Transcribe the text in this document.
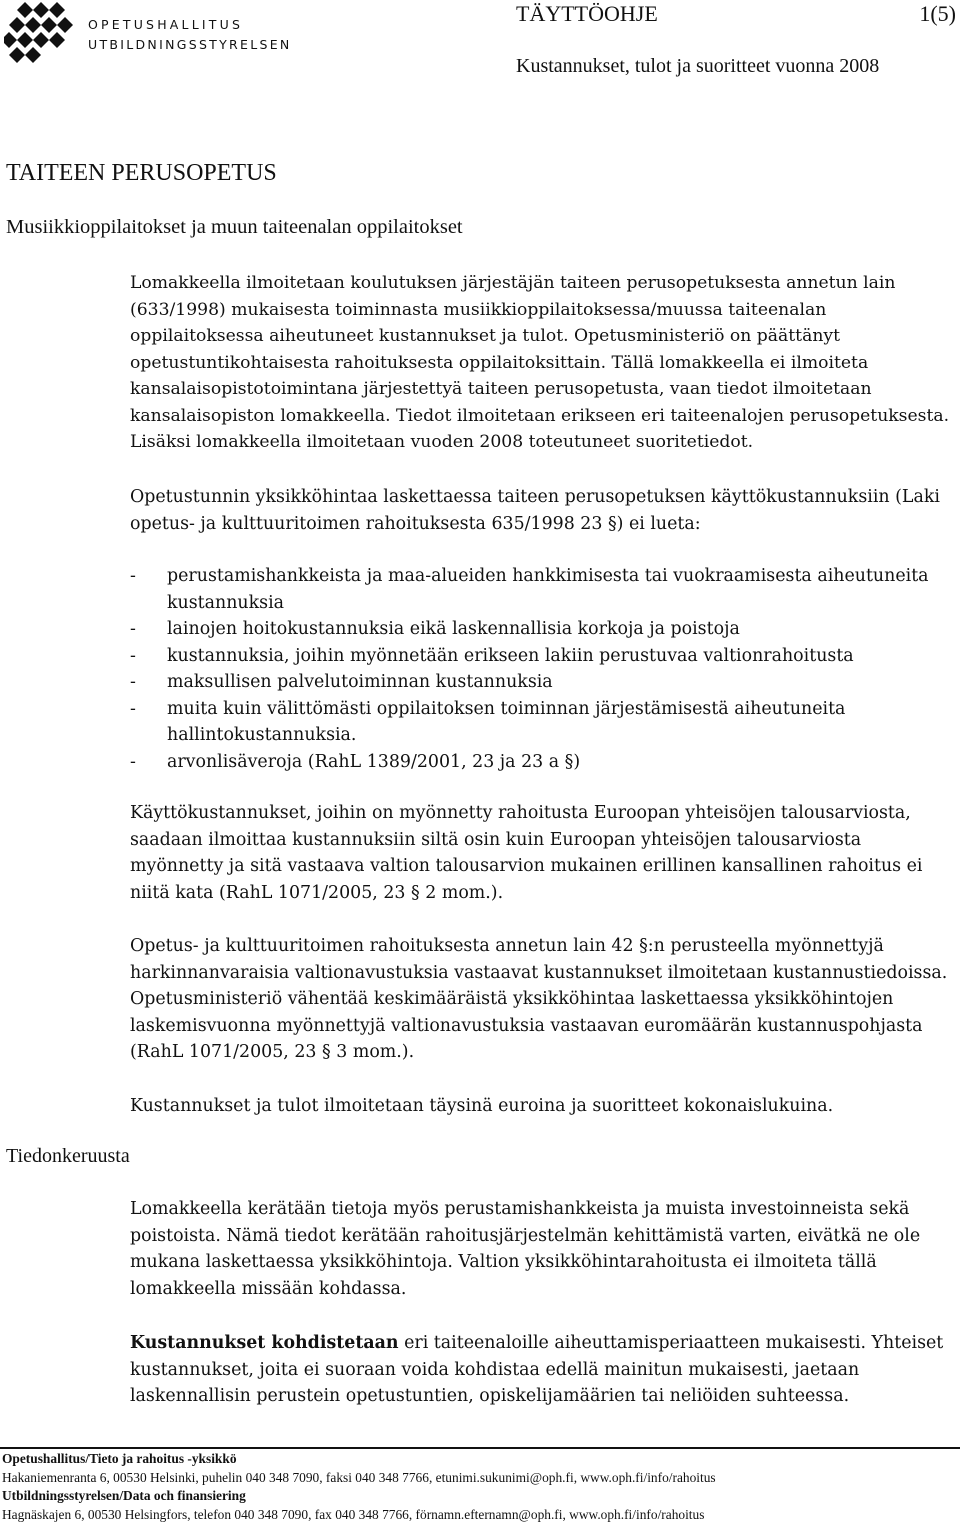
OPETUSHALLITUS
UTBILDNINGSSTYRELSEN
TÄYTTÖOHJE	1(5)
Kustannukset, tulot ja suoritteet vuonna 2008
TAITEEN PERUSOPETUS
Musiikkioppilaitokset ja muun taiteenalan oppilaitokset
Tiedonkeruusta

Lomakkeella ilmoitetaan koulutuksen järjestäjän taiteen perusopetuksesta annetun lain (633/1998) mukaisesta toiminnasta musiikkioppilaitoksessa/muussa taiteenalan oppilaitoksessa aiheutuneet kustannukset ja tulot. Opetusministeriö on päättänyt opetustuntikohtaisesta rahoituksesta oppilaitoksittain. Tällä lomakkeella ei ilmoiteta kansalaisopistotoimintana järjestettyä taiteen perusopetusta, vaan tiedot ilmoitetaan kansalaisopiston lomakkeella. Tiedot ilmoitetaan erikseen eri taiteenalojen perusopetuksesta. Lisäksi lomakkeella ilmoitetaan vuoden 2008 toteutuneet suoritetiedot.

Opetustunnin yksikköhintaa laskettaessa taiteen perusopetuksen käyttökustannuksiin (Laki opetus- ja kulttuuritoimen rahoituksesta 635/1998 23 §) ei lueta:

- perustamishankkeista ja maa-alueiden hankkimisesta tai vuokraamisesta aiheutuneita kustannuksia
- lainojen hoitokustannuksia eikä laskennallisia korkoja ja poistoja
- kustannuksia, joihin myönnetään erikseen lakiin perustuvaa valtionrahoitusta
- maksullisen palvelutoiminnan kustannuksia
- muita kuin välittömästi oppilaitoksen toiminnan järjestämisestä aiheutuneita hallintokustannuksia.
- arvonlisäveroja (RahL 1389/2001, 23 ja 23 a §)

Käyttökustannukset, joihin on myönnetty rahoitusta Euroopan yhteisöjen talousarviosta, saadaan ilmoittaa kustannuksiin siltä osin kuin Euroopan yhteisöjen talousarviosta myönnetty ja sitä vastaava valtion talousarvion mukainen erillinen kansallinen rahoitus ei niitä kata (RahL 1071/2005, 23 § 2 mom.).

Opetus- ja kulttuuritoimen rahoituksesta annetun lain 42 §:n perusteella myönnettyjä harkinnanvaraisia valtionavustuksia vastaavat kustannukset ilmoitetaan kustannustiedoissa. Opetusministeriö vähentää keskimääräistä yksikköhintaa laskettaessa yksikköhintojen laskemisvuonna myönnettyjä valtionavustuksia vastaavan euromäärän kustannuspohjasta (RahL 1071/2005, 23 § 3 mom.).

Kustannukset ja tulot ilmoitetaan täysinä euroina ja suoritteet kokonaislukuina.

Lomakkeella kerätään tietoja myös perustamishankkeista ja muista investoinneista sekä poistoista. Nämä tiedot kerätään rahoitusjärjestelmän kehittämistä varten, eivätkä ne ole mukana laskettaessa yksikköhintoja. Valtion yksikköhintarahoitusta ei ilmoiteta tällä lomakkeella missään kohdassa.

Kustannukset kohdistetaan eri taiteenaloille aiheuttamisperiaatteen mukaisesti. Yhteiset kustannukset, joita ei suoraan voida kohdistaa edellä mainitun mukaisesti, jaetaan laskennallisin perustein opetustuntien, opiskelijamäärien tai neliöiden suhteessa.

Opetushallitus/Tieto ja rahoitus -yksikkö
Hakaniemenranta 6, 00530 Helsinki, puhelin 040 348 7090, faksi 040 348 7766, etunimi.sukunimi@oph.fi, www.oph.fi/info/rahoitus
Utbildningsstyrelsen/Data och finansiering
Hagnäskajen 6, 00530 Helsingfors, telefon 040 348 7090, fax 040 348 7766, förnamn.efternamn@oph.fi, www.oph.fi/info/rahoitus
